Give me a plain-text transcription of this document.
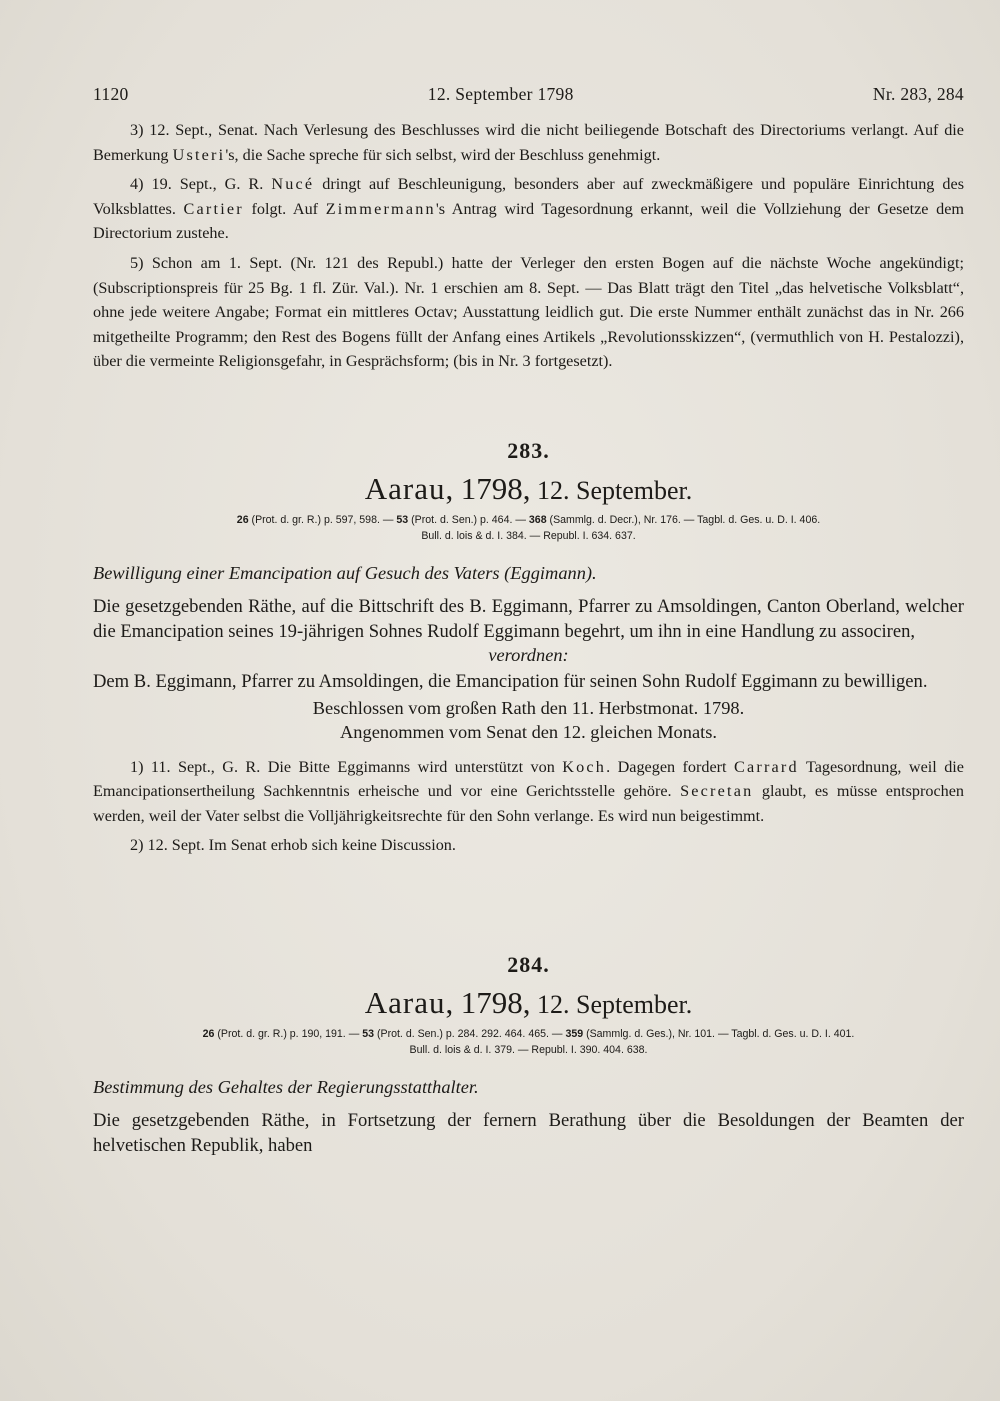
1120	12. September 1798	Nr. 283, 284

3) 12. Sept., Senat. Nach Verlesung des Beschlusses wird die nicht beiliegende Botschaft des Directoriums verlangt. Auf die Bemerkung Usteri's, die Sache spreche für sich selbst, wird der Beschluss genehmigt.

4) 19. Sept., G. R. Nucé dringt auf Beschleunigung, besonders aber auf zweckmäßigere und populäre Einrichtung des Volksblattes. Cartier folgt. Auf Zimmermann's Antrag wird Tagesordnung erkannt, weil die Vollziehung der Gesetze dem Directorium zustehe.

5) Schon am 1. Sept. (Nr. 121 des Republ.) hatte der Verleger den ersten Bogen auf die nächste Woche angekündigt; (Subscriptionspreis für 25 Bg. 1 fl. Zür. Val.). Nr. 1 erschien am 8. Sept. — Das Blatt trägt den Titel „das helvetische Volksblatt“, ohne jede weitere Angabe; Format ein mittleres Octav; Ausstattung leidlich gut. Die erste Nummer enthält zunächst das in Nr. 266 mitgetheilte Programm; den Rest des Bogens füllt der Anfang eines Artikels „Revolutionsskizzen“, (vermuthlich von H. Pestalozzi), über die vermeinte Religionsgefahr, in Gesprächsform; (bis in Nr. 3 fortgesetzt).

283.
Aarau, 1798, 12. September.
26 (Prot. d. gr. R.) p. 597, 598. — 53 (Prot. d. Sen.) p. 464. — 368 (Sammlg. d. Decr.), Nr. 176. — Tagbl. d. Ges. u. D. I. 406.
Bull. d. lois & d. I. 384. — Republ. I. 634. 637.
Bewilligung einer Emancipation auf Gesuch des Vaters (Eggimann).

Die gesetzgebenden Räthe, auf die Bittschrift des B. Eggimann, Pfarrer zu Amsoldingen, Canton Oberland, welcher die Emancipation seines 19-jährigen Sohnes Rudolf Eggimann begehrt, um ihn in eine Handlung zu associren,

verordnen:

Dem B. Eggimann, Pfarrer zu Amsoldingen, die Emancipation für seinen Sohn Rudolf Eggimann zu bewilligen.

Beschlossen vom großen Rath den 11. Herbstmonat. 1798.
Angenommen vom Senat den 12. gleichen Monats.

1) 11. Sept., G. R. Die Bitte Eggimanns wird unterstützt von Koch. Dagegen fordert Carrard Tagesordnung, weil die Emancipationsertheilung Sachkenntnis erheische und vor eine Gerichtsstelle gehöre. Secretan glaubt, es müsse entsprochen werden, weil der Vater selbst die Volljährigkeitsrechte für den Sohn verlange. Es wird nun beigestimmt.

2) 12. Sept. Im Senat erhob sich keine Discussion.

284.
Aarau, 1798, 12. September.
26 (Prot. d. gr. R.) p. 190, 191. — 53 (Prot. d. Sen.) p. 284. 292. 464. 465. — 359 (Sammlg. d. Ges.), Nr. 101. — Tagbl. d. Ges. u. D. I. 401.
Bull. d. lois & d. I. 379. — Republ. I. 390. 404. 638.
Bestimmung des Gehaltes der Regierungsstatthalter.

Die gesetzgebenden Räthe, in Fortsetzung der fernern Berathung über die Besoldungen der Beamten der helvetischen Republik, haben
